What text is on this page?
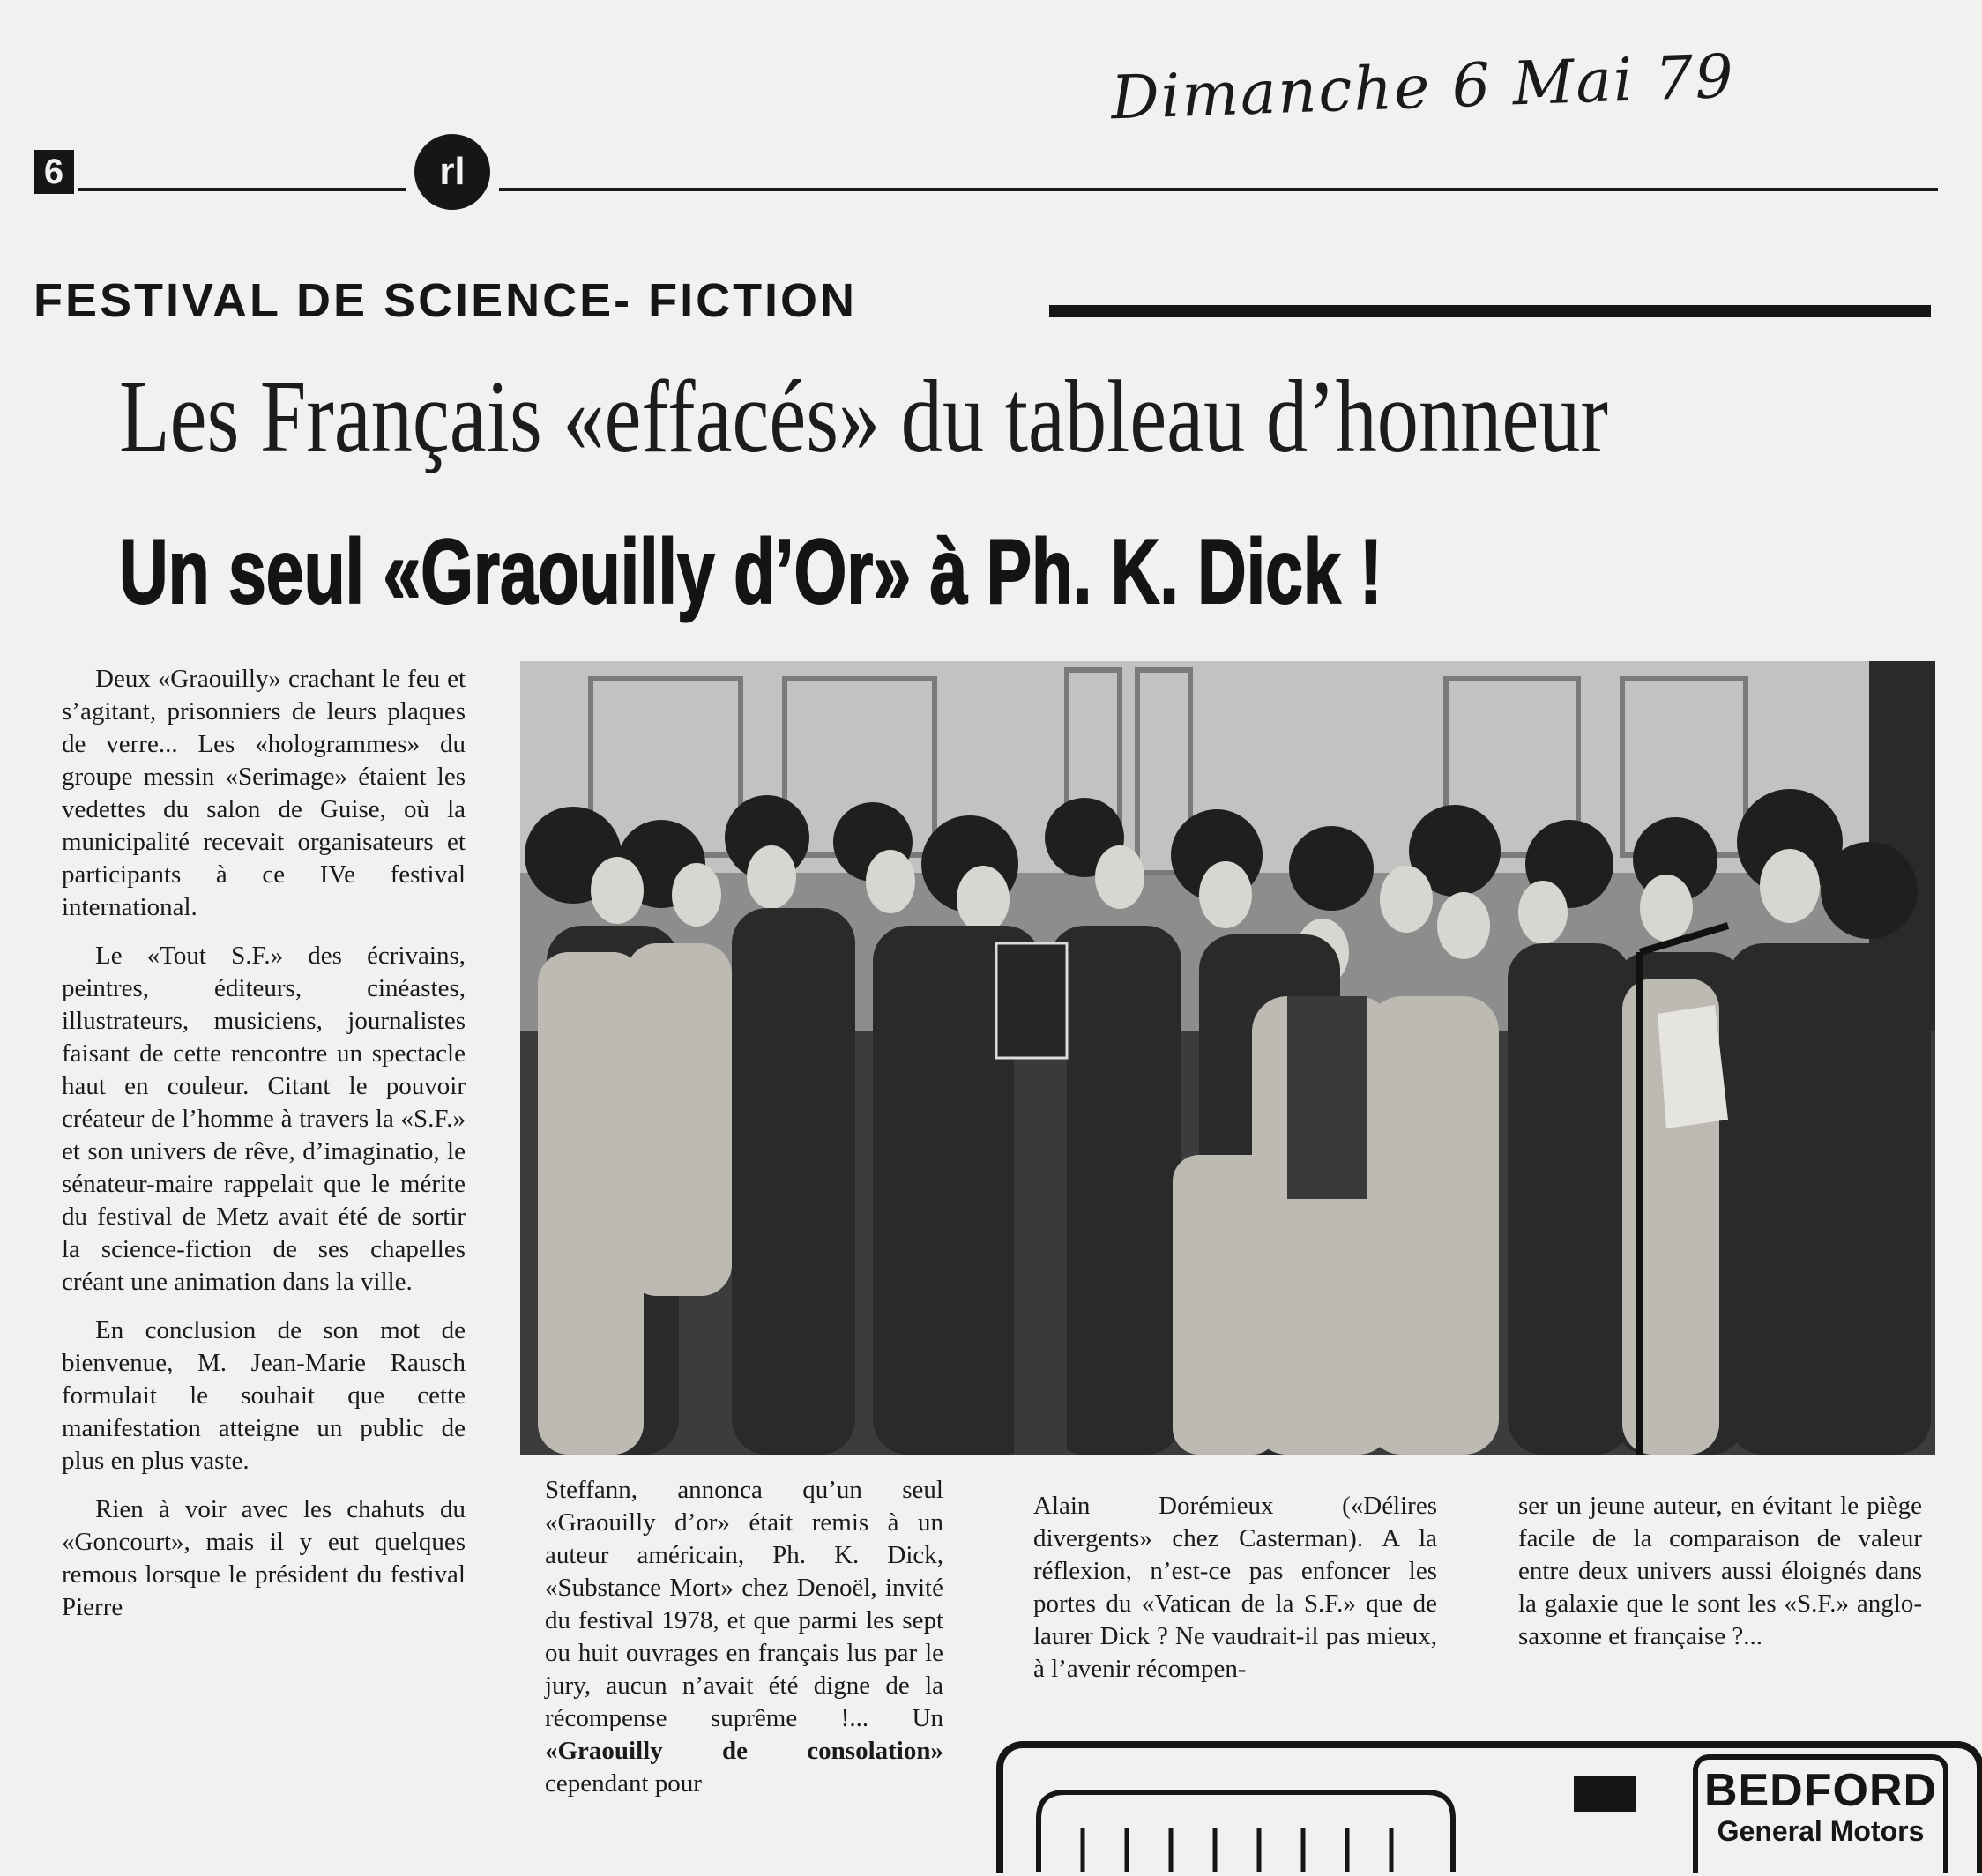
Dimanche 6 Mai 79
6	rl
FESTIVAL DE SCIENCE- FICTION
Les Français «effacés» du tableau d’honneur
Un seul «Graouilly d’Or» à Ph. K. Dick !

Deux «Graouilly» crachant le feu et s’agitant, prisonniers de leurs plaques de verre... Les «hologrammes» du groupe messin «Serimage» étaient les vedettes du salon de Guise, où la municipalité recevait organisateurs et participants à ce IVe festival international.

Le «Tout S.F.» des écrivains, peintres, éditeurs, cinéastes, illustrateurs, musiciens, journalistes faisant de cette rencontre un spectacle haut en couleur. Citant le pouvoir créateur de l’homme à travers la «S.F.» et son univers de rêve, d’imaginatio, le sénateur-maire rappelait que le mérite du festival de Metz avait été de sortir la science-fiction de ses chapelles créant une animation dans la ville.

En conclusion de son mot de bienvenue, M. Jean-Marie Rausch formulait le souhait que cette manifestation atteigne un public de plus en plus vaste.

Rien à voir avec les chahuts du «Goncourt», mais il y eut quelques remous lorsque le président du festival Pierre

Steffann, annonca qu’un seul «Graouilly d’or» était remis à un auteur américain, Ph. K. Dick, «Substance Mort» chez Denoël, invité du festival 1978, et que parmi les sept ou huit ouvrages en français lus par le jury, aucun n’avait été digne de la récompense suprême !... Un «Graouilly de consolation» cependant pour

Alain Dorémieux («Délires divergents» chez Casterman). A la réflexion, n’est-ce pas enfoncer les portes du «Vatican de la S.F.» que de laurer Dick ? Ne vaudrait-il pas mieux, à l’avenir récompen-

ser un jeune auteur, en évitant le piège facile de la comparaison de valeur entre deux univers aussi éloignés dans la galaxie que le sont les «S.F.» anglo-saxonne et française ?...

BEDFORD
General Motors
